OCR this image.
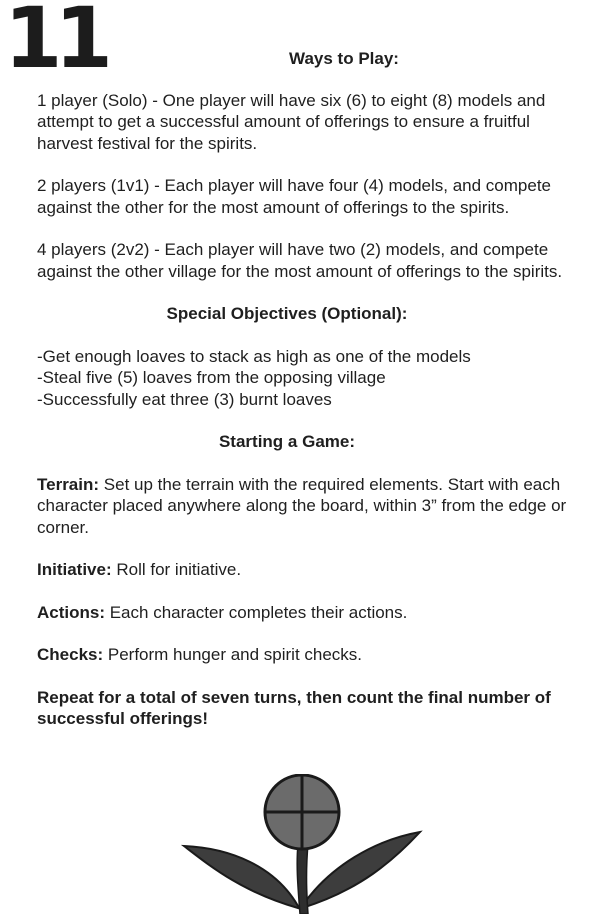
11	Ways to Play:

1 player (Solo) - One player will have six (6) to eight (8) models and attempt to get a successful amount of offerings to ensure a fruitful harvest festival for the spirits.

2 players (1v1) - Each player will have four (4) models, and compete against the other for the most amount of offerings to the spirits.

4 players (2v2) - Each player will have two (2) models, and compete against the other village for the most amount of offerings to the spirits.

Special Objectives (Optional):

-Get enough loaves to stack as high as one of the models

-Steal five (5) loaves from the opposing village

-Successfully eat three (3) burnt loaves

Starting a Game:

Terrain: Set up the terrain with the required elements. Start with each character placed anywhere along the board, within 3” from the edge or corner.

Initiative: Roll for initiative.

Actions: Each character completes their actions.

Checks: Perform hunger and spirit checks.

Repeat for a total of seven turns, then count the final number of successful offerings!
